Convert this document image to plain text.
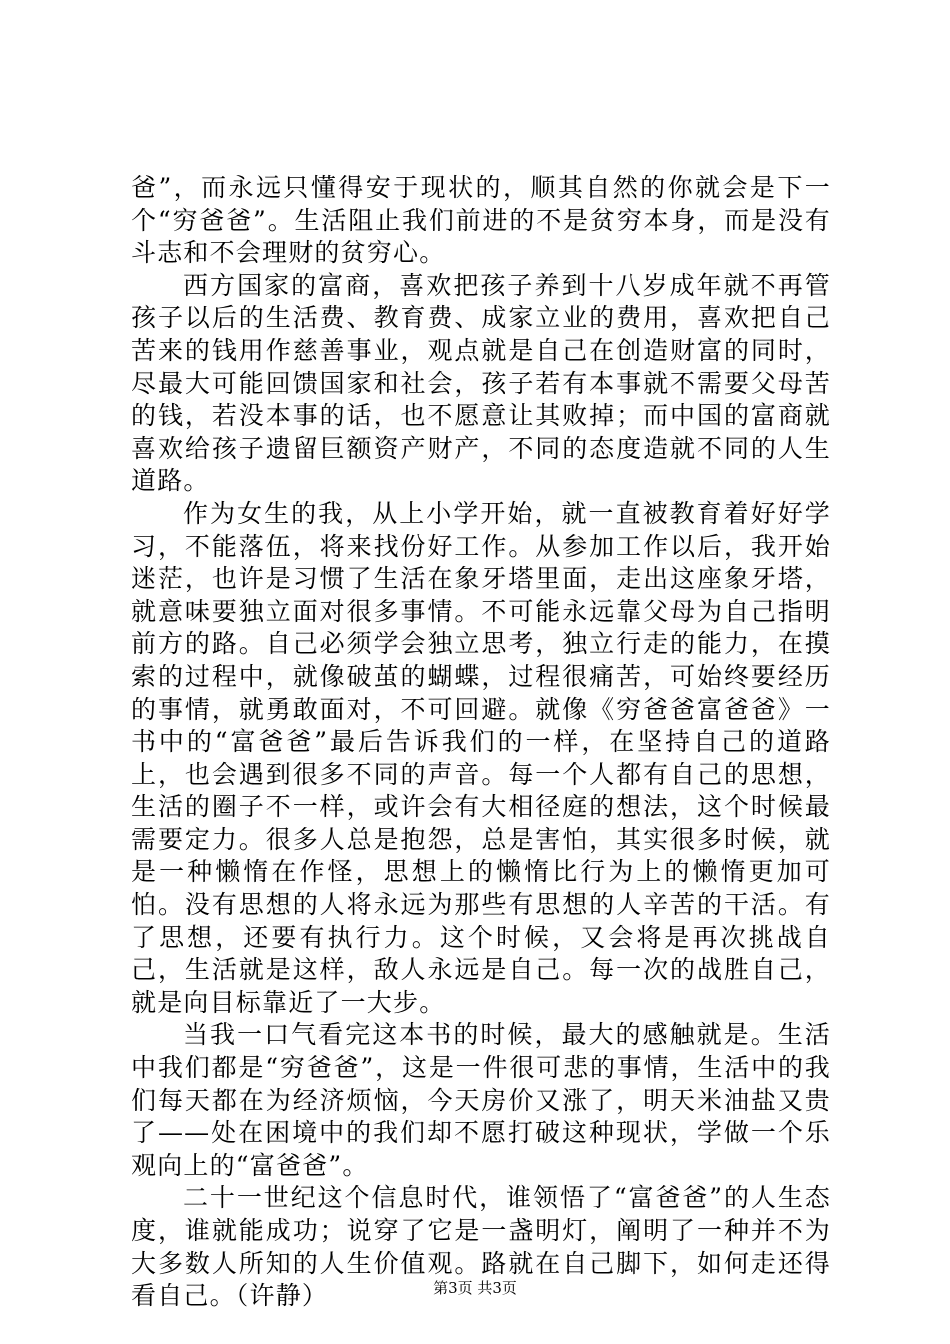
爸”，而永远只懂得安于现状的，顺其自然的你就会是下一个“穷爸爸”。生活阻止我们前进的不是贫穷本身，而是没有斗志和不会理财的贫穷心。

西方国家的富商，喜欢把孩子养到十八岁成年就不再管孩子以后的生活费、教育费、成家立业的费用，喜欢把自己苦来的钱用作慈善事业，观点就是自己在创造财富的同时，尽最大可能回馈国家和社会，孩子若有本事就不需要父母苦的钱，若没本事的话，也不愿意让其败掉；而中国的富商就喜欢给孩子遗留巨额资产财产，不同的态度造就不同的人生道路。

作为女生的我，从上小学开始，就一直被教育着好好学习，不能落伍，将来找份好工作。从参加工作以后，我开始迷茫，也许是习惯了生活在象牙塔里面，走出这座象牙塔，就意味要独立面对很多事情。不可能永远靠父母为自己指明前方的路。自己必须学会独立思考，独立行走的能力，在摸索的过程中，就像破茧的蝴蝶，过程很痛苦，可始终要经历的事情，就勇敢面对，不可回避。就像《穷爸爸富爸爸》一书中的“富爸爸”最后告诉我们的一样，在坚持自己的道路上，也会遇到很多不同的声音。每一个人都有自己的思想，生活的圈子不一样，或许会有大相径庭的想法，这个时候最需要定力。很多人总是抱怨，总是害怕，其实很多时候，就是一种懒惰在作怪，思想上的懒惰比行为上的懒惰更加可怕。没有思想的人将永远为那些有思想的人辛苦的干活。有了思想，还要有执行力。这个时候，又会将是再次挑战自己，生活就是这样，敌人永远是自己。每一次的战胜自己，就是向目标靠近了一大步。

当我一口气看完这本书的时候，最大的感触就是。生活中我们都是“穷爸爸”，这是一件很可悲的事情，生活中的我们每天都在为经济烦恼，今天房价又涨了，明天米油盐又贵了——处在困境中的我们却不愿打破这种现状，学做一个乐观向上的“富爸爸”。

二十一世纪这个信息时代，谁领悟了“富爸爸”的人生态度，谁就能成功；说穿了它是一盏明灯，阐明了一种并不为大多数人所知的人生价值观。路就在自己脚下，如何走还得看自己。（许静）	第3页 共3页
